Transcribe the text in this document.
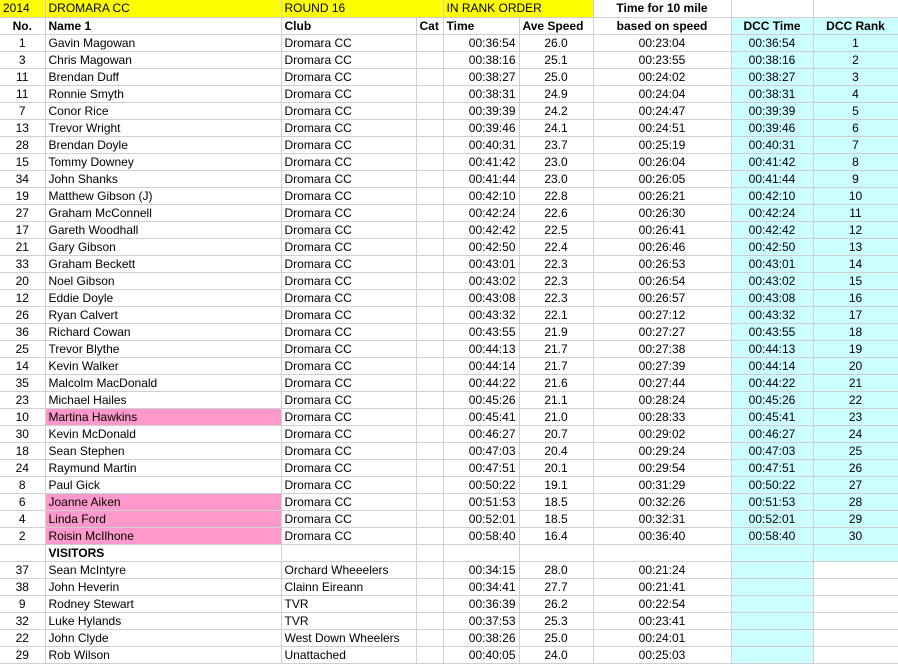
2014	DROMARA CC	ROUND 16		IN RANK ORDER		Time for 10 mile		
No.	Name 1	Club	Cat	Time	Ave Speed	based on speed	DCC Time	DCC Rank
1	Gavin Magowan	Dromara CC		00:36:54	26.0	00:23:04	00:36:54	1
3	Chris Magowan	Dromara CC		00:38:16	25.1	00:23:55	00:38:16	2
11	Brendan Duff	Dromara CC		00:38:27	25.0	00:24:02	00:38:27	3
11	Ronnie Smyth	Dromara CC		00:38:31	24.9	00:24:04	00:38:31	4
7	Conor Rice	Dromara CC		00:39:39	24.2	00:24:47	00:39:39	5
13	Trevor Wright	Dromara CC		00:39:46	24.1	00:24:51	00:39:46	6
28	Brendan Doyle	Dromara CC		00:40:31	23.7	00:25:19	00:40:31	7
15	Tommy Downey	Dromara CC		00:41:42	23.0	00:26:04	00:41:42	8
34	John Shanks	Dromara CC		00:41:44	23.0	00:26:05	00:41:44	9
19	Matthew Gibson (J)	Dromara CC		00:42:10	22.8	00:26:21	00:42:10	10
27	Graham McConnell	Dromara CC		00:42:24	22.6	00:26:30	00:42:24	11
17	Gareth Woodhall	Dromara CC		00:42:42	22.5	00:26:41	00:42:42	12
21	Gary Gibson	Dromara CC		00:42:50	22.4	00:26:46	00:42:50	13
33	Graham Beckett	Dromara CC		00:43:01	22.3	00:26:53	00:43:01	14
20	Noel Gibson	Dromara CC		00:43:02	22.3	00:26:54	00:43:02	15
12	Eddie Doyle	Dromara CC		00:43:08	22.3	00:26:57	00:43:08	16
26	Ryan Calvert	Dromara CC		00:43:32	22.1	00:27:12	00:43:32	17
36	Richard Cowan	Dromara CC		00:43:55	21.9	00:27:27	00:43:55	18
25	Trevor Blythe	Dromara CC		00:44:13	21.7	00:27:38	00:44:13	19
14	Kevin Walker	Dromara CC		00:44:14	21.7	00:27:39	00:44:14	20
35	Malcolm MacDonald	Dromara CC		00:44:22	21.6	00:27:44	00:44:22	21
23	Michael Hailes	Dromara CC		00:45:26	21.1	00:28:24	00:45:26	22
10	Martina Hawkins	Dromara CC		00:45:41	21.0	00:28:33	00:45:41	23
30	Kevin McDonald	Dromara CC		00:46:27	20.7	00:29:02	00:46:27	24
18	Sean Stephen	Dromara CC		00:47:03	20.4	00:29:24	00:47:03	25
24	Raymund Martin	Dromara CC		00:47:51	20.1	00:29:54	00:47:51	26
8	Paul Gick	Dromara CC		00:50:22	19.1	00:31:29	00:50:22	27
6	Joanne Aiken	Dromara CC		00:51:53	18.5	00:32:26	00:51:53	28
4	Linda Ford	Dromara CC		00:52:01	18.5	00:32:31	00:52:01	29
2	Roisin McIlhone	Dromara CC		00:58:40	16.4	00:36:40	00:58:40	30
	VISITORS							
37	Sean McIntyre	Orchard Wheeelers		00:34:15	28.0	00:21:24		
38	John Heverin	Clainn Eireann		00:34:41	27.7	00:21:41		
9	Rodney Stewart	TVR		00:36:39	26.2	00:22:54		
32	Luke Hylands	TVR		00:37:53	25.3	00:23:41		
22	John Clyde	West Down Wheelers		00:38:26	25.0	00:24:01		
29	Rob Wilson	Unattached		00:40:05	24.0	00:25:03		
